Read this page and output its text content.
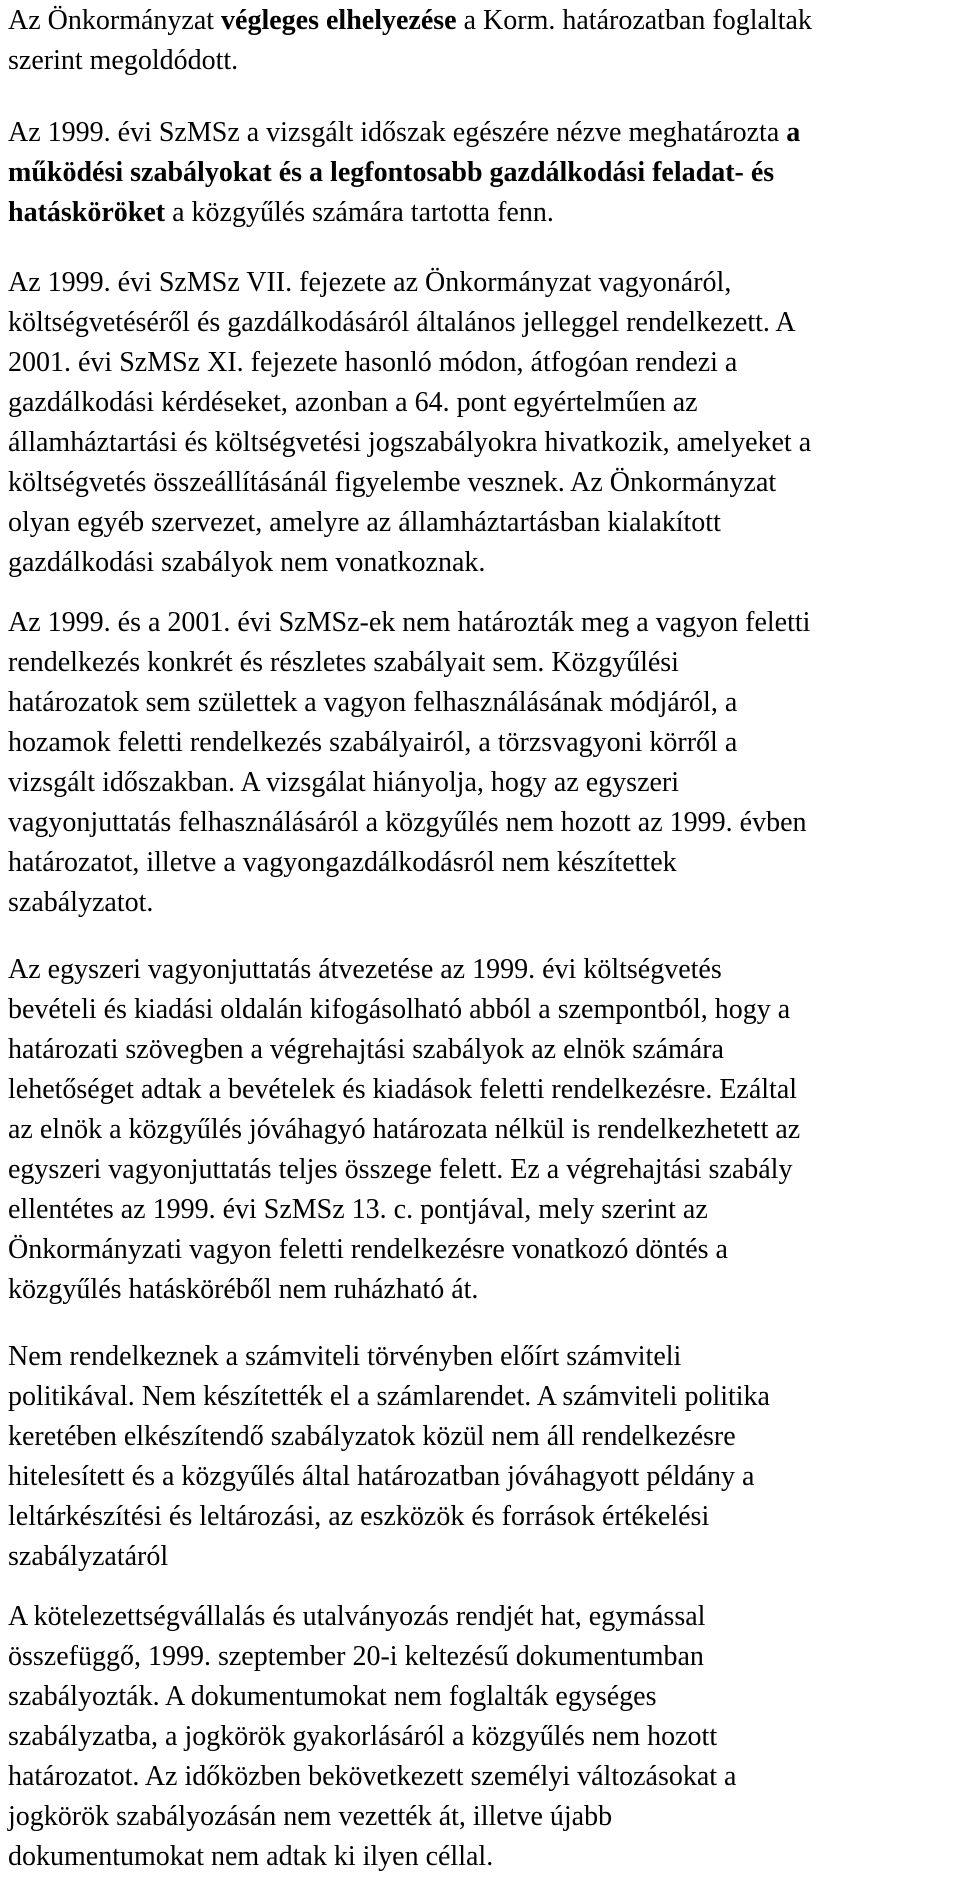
Az Önkormányzat végleges elhelyezése a Korm. határozatban foglaltak
szerint megoldódott.

Az 1999. évi SzMSz a vizsgált időszak egészére nézve meghatározta a
működési szabályokat és a legfontosabb gazdálkodási feladat- és
hatásköröket a közgyűlés számára tartotta fenn.

Az 1999. évi SzMSz VII. fejezete az Önkormányzat vagyonáról,
költségvetéséről és gazdálkodásáról általános jelleggel rendelkezett. A
2001. évi SzMSz XI. fejezete hasonló módon, átfogóan rendezi a
gazdálkodási kérdéseket, azonban a 64. pont egyértelműen az
államháztartási és költségvetési jogszabályokra hivatkozik, amelyeket a
költségvetés összeállításánál figyelembe vesznek. Az Önkormányzat
olyan egyéb szervezet, amelyre az államháztartásban kialakított
gazdálkodási szabályok nem vonatkoznak.

Az 1999. és a 2001. évi SzMSz-ek nem határozták meg a vagyon feletti
rendelkezés konkrét és részletes szabályait sem. Közgyűlési
határozatok sem születtek a vagyon felhasználásának módjáról, a
hozamok feletti rendelkezés szabályairól, a törzsvagyoni körről a
vizsgált időszakban. A vizsgálat hiányolja, hogy az egyszeri
vagyonjuttatás felhasználásáról a közgyűlés nem hozott az 1999. évben
határozatot, illetve a vagyongazdálkodásról nem készítettek
szabályzatot.

Az egyszeri vagyonjuttatás átvezetése az 1999. évi költségvetés
bevételi és kiadási oldalán kifogásolható abból a szempontból, hogy a
határozati szövegben a végrehajtási szabályok az elnök számára
lehetőséget adtak a bevételek és kiadások feletti rendelkezésre. Ezáltal
az elnök a közgyűlés jóváhagyó határozata nélkül is rendelkezhetett az
egyszeri vagyonjuttatás teljes összege felett. Ez a végrehajtási szabály
ellentétes az 1999. évi SzMSz 13. c. pontjával, mely szerint az
Önkormányzati vagyon feletti rendelkezésre vonatkozó döntés a
közgyűlés hatásköréből nem ruházható át.

Nem rendelkeznek a számviteli törvényben előírt számviteli
politikával. Nem készítették el a számlarendet. A számviteli politika
keretében elkészítendő szabályzatok közül nem áll rendelkezésre
hitelesített és a közgyűlés által határozatban jóváhagyott példány a
leltárkészítési és leltározási, az eszközök és források értékelési
szabályzatáról

A kötelezettségvállalás és utalványozás rendjét hat, egymással
összefüggő, 1999. szeptember 20-i keltezésű dokumentumban
szabályozták. A dokumentumokat nem foglalták egységes
szabályzatba, a jogkörök gyakorlásáról a közgyűlés nem hozott
határozatot. Az időközben bekövetkezett személyi változásokat a
jogkörök szabályozásán nem vezették át, illetve újabb
dokumentumokat nem adtak ki ilyen céllal.
